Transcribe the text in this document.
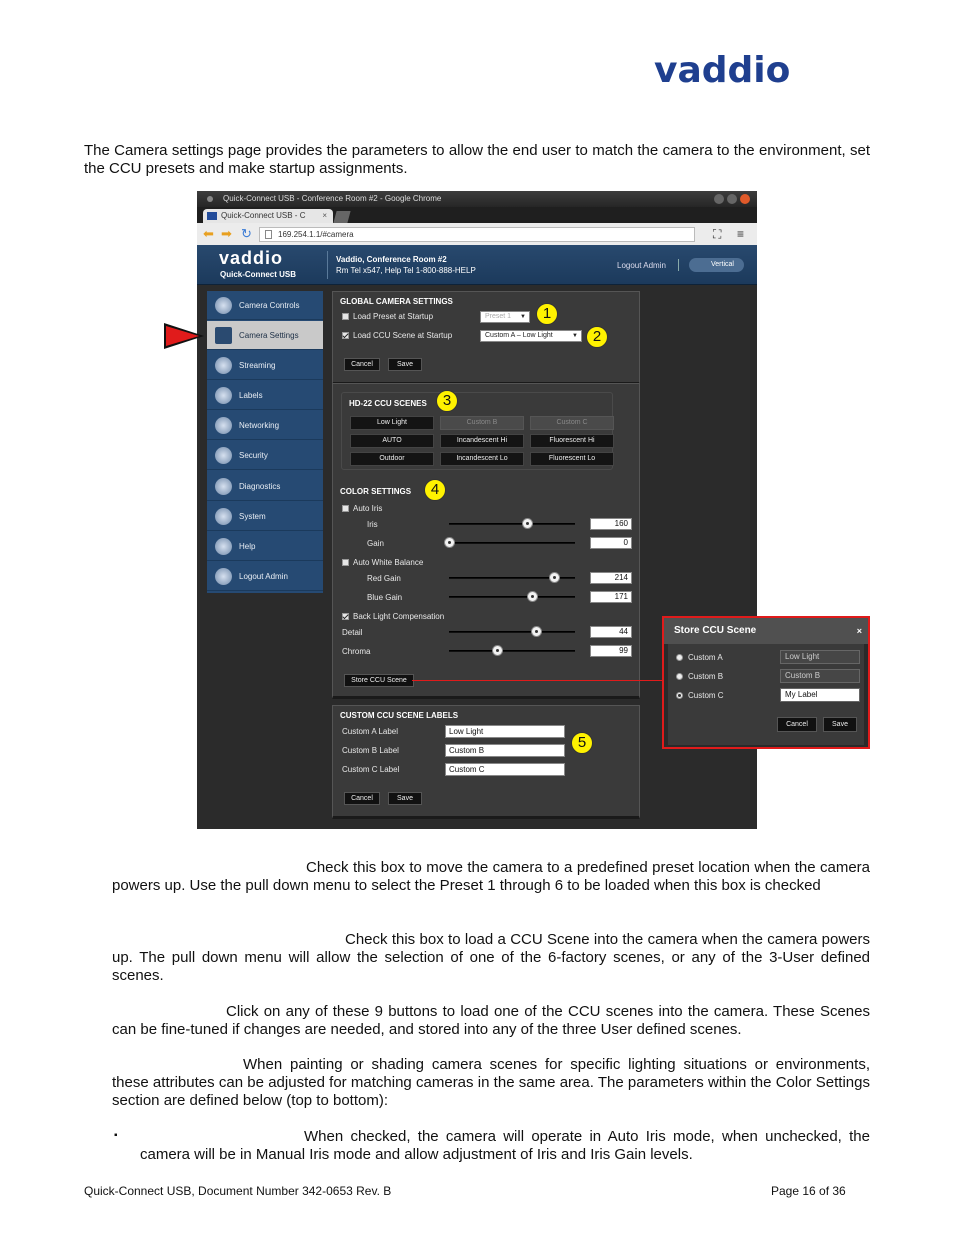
vaddio

The Camera settings page provides the parameters to allow the end user to match the camera to the environment, set the CCU presets and make startup assignments.

Quick-Connect USB - Conference Room #2 - Google Chrome
Quick-Connect USB - C ×
⬅ ➡ ↻	169.254.1.1/#camera	⛶ ≡
vaddio
Quick-Connect USB
Vaddio, Conference Room #2
Rm Tel x547, Help Tel 1-800-888-HELP
Logout Admin	Vertical
Camera Controls
Camera Settings
Streaming
Labels
Networking
Security
Diagnostics
System
Help
Logout Admin
GLOBAL CAMERA SETTINGS
Load Preset at Startup	Preset 1 ▼
Load CCU Scene at Startup	Custom A – Low Light ▼
Cancel	Save
1
2
HD-22 CCU SCENES	3
Low Light	Custom B	Custom C
AUTO	Incandescent Hi	Fluorescent Hi
Outdoor	Incandescent Lo	Fluorescent Lo
COLOR SETTINGS	4
Auto Iris
Iris	160
Gain	0
Auto White Balance
Red Gain	214
Blue Gain	171
Back Light Compensation
Detail	44
Chroma	99
Store CCU Scene
CUSTOM CCU SCENE LABELS
Custom A Label	Low Light
Custom B Label	Custom B
Custom C Label	Custom C
5
Cancel	Save
Store CCU Scene	×
Custom A	Low Light
Custom B	Custom B
Custom C	My Label
Cancel	Save

Check this box to move the camera to a predefined preset location when the camera powers up. Use the pull down menu to select the Preset 1 through 6 to be loaded when this box is checked

Check this box to load a CCU Scene into the camera when the camera powers up. The pull down menu will allow the selection of one of the 6-factory scenes, or any of the 3-User defined scenes.

Click on any of these 9 buttons to load one of the CCU scenes into the camera. These Scenes can be fine-tuned if changes are needed, and stored into any of the three User defined scenes.

When painting or shading camera scenes for specific lighting situations or environments, these attributes can be adjusted for matching cameras in the same area. The parameters within the Color Settings section are defined below (top to bottom):

▪	When checked, the camera will operate in Auto Iris mode, when unchecked, the camera will be in Manual Iris mode and allow adjustment of Iris and Iris Gain levels.

Quick-Connect USB, Document Number 342-0653 Rev. B	Page 16 of 36
